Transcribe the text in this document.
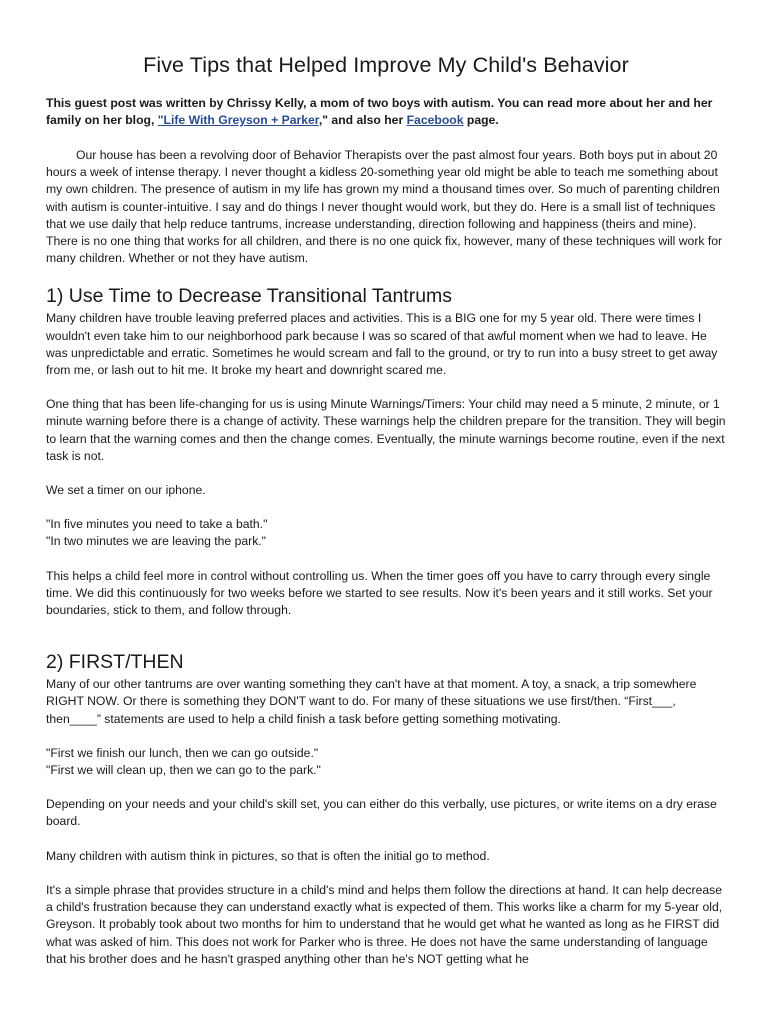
Five Tips that Helped Improve My Child's Behavior
This guest post was written by Chrissy Kelly, a mom of two boys with autism. You can read more about her and her family on her blog, "Life With Greyson + Parker," and also her Facebook page.

Our house has been a revolving door of Behavior Therapists over the past almost four years. Both boys put in about 20 hours a week of intense therapy. I never thought a kidless 20-something year old might be able to teach me something about my own children. The presence of autism in my life has grown my mind a thousand times over. So much of parenting children with autism is counter-intuitive. I say and do things I never thought would work, but they do. Here is a small list of techniques that we use daily that help reduce tantrums, increase understanding, direction following and happiness (theirs and mine). There is no one thing that works for all children, and there is no one quick fix, however, many of these techniques will work for many children. Whether or not they have autism.

1) Use Time to Decrease Transitional Tantrums

Many children have trouble leaving preferred places and activities. This is a BIG one for my 5 year old. There were times I wouldn't even take him to our neighborhood park because I was so scared of that awful moment when we had to leave. He was unpredictable and erratic. Sometimes he would scream and fall to the ground, or try to run into a busy street to get away from me, or lash out to hit me. It broke my heart and downright scared me.

One thing that has been life-changing for us is using Minute Warnings/Timers: Your child may need a 5 minute, 2 minute, or 1 minute warning before there is a change of activity. These warnings help the children prepare for the transition. They will begin to learn that the warning comes and then the change comes. Eventually, the minute warnings become routine, even if the next task is not.

We set a timer on our iphone.

"In five minutes you need to take a bath."

"In two minutes we are leaving the park."

This helps a child feel more in control without controlling us. When the timer goes off you have to carry through every single time. We did this continuously for two weeks before we started to see results. Now it's been years and it still works. Set your boundaries, stick to them, and follow through.

2) FIRST/THEN

Many of our other tantrums are over wanting something they can't have at that moment. A toy, a snack, a trip somewhere RIGHT NOW. Or there is something they DON'T want to do. For many of these situations we use first/then. “First___, then____” statements are used to help a child finish a task before getting something motivating.

"First we finish our lunch, then we can go outside."

"First we will clean up, then we can go to the park."

Depending on your needs and your child's skill set, you can either do this verbally, use pictures, or write items on a dry erase board.

Many children with autism think in pictures, so that is often the initial go to method.

It's a simple phrase that provides structure in a child's mind and helps them follow the directions at hand. It can help decrease a child's frustration because they can understand exactly what is expected of them. This works like a charm for my 5-year old, Greyson. It probably took about two months for him to understand that he would get what he wanted as long as he FIRST did what was asked of him. This does not work for Parker who is three. He does not have the same understanding of language that his brother does and he hasn't grasped anything other than he's NOT getting what he
